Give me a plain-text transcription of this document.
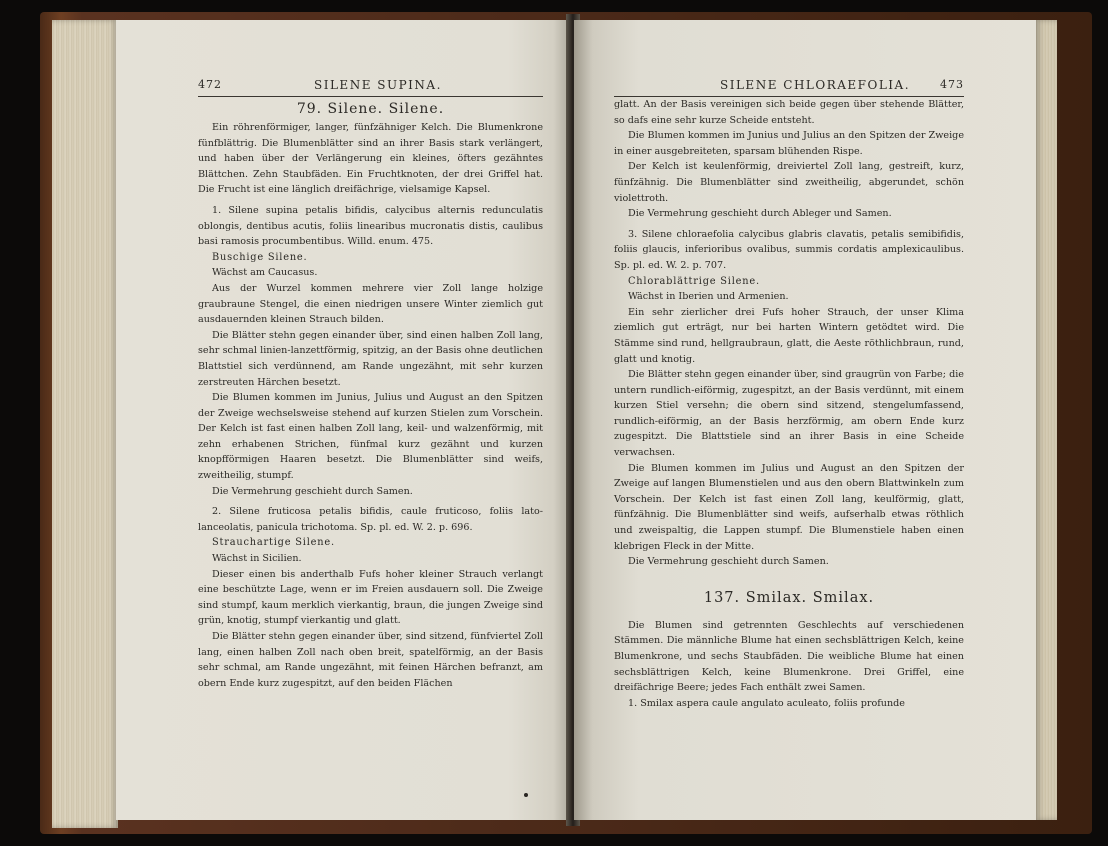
472	SILENE SUPINA.
79. Silene. Silene.

Ein röhrenförmiger, langer, fünfzähniger Kelch. Die Blumenkrone fünfblättrig. Die Blumenblätter sind an ihrer Basis stark verlängert, und haben über der Verlängerung ein kleines, öfters gezähntes Blättchen. Zehn Staubfäden. Ein Fruchtknoten, der drei Griffel hat. Die Frucht ist eine länglich dreifächrige, vielsamige Kapsel.

1. Silene supina petalis bifidis, calycibus alternis redunculatis oblongis, dentibus acutis, foliis linearibus mucronatis distis, caulibus basi ramosis procumbentibus. Willd. enum. 475.

Buschige Silene.

Wächst am Caucasus.

Aus der Wurzel kommen mehrere vier Zoll lange holzige graubraune Stengel, die einen niedrigen unsere Winter ziemlich gut ausdauernden kleinen Strauch bilden.

Die Blätter stehn gegen einander über, sind einen halben Zoll lang, sehr schmal linien-lanzettförmig, spitzig, an der Basis ohne deutlichen Blattstiel sich verdünnend, am Rande ungezähnt, mit sehr kurzen zerstreuten Härchen besetzt.

Die Blumen kommen im Junius, Julius und August an den Spitzen der Zweige wechselsweise stehend auf kurzen Stielen zum Vorschein. Der Kelch ist fast einen halben Zoll lang, keil- und walzenförmig, mit zehn erhabenen Strichen, fünfmal kurz gezähnt und kurzen knopfförmigen Haaren besetzt. Die Blumenblätter sind weifs, zweitheilig, stumpf.

Die Vermehrung geschieht durch Samen.

2. Silene fruticosa petalis bifidis, caule fruticoso, foliis lato-lanceolatis, panicula trichotoma. Sp. pl. ed. W. 2. p. 696.

Strauchartige Silene.

Wächst in Sicilien.

Dieser einen bis anderthalb Fufs hoher kleiner Strauch verlangt eine beschützte Lage, wenn er im Freien ausdauern soll. Die Zweige sind stumpf, kaum merklich vierkantig, braun, die jungen Zweige sind grün, knotig, stumpf vierkantig und glatt.

Die Blätter stehn gegen einander über, sind sitzend, fünfviertel Zoll lang, einen halben Zoll nach oben breit, spatelförmig, an der Basis sehr schmal, am Rande ungezähnt, mit feinen Härchen befranzt, am obern Ende kurz zugespitzt, auf den beiden Flächen

SILENE CHLORAEFOLIA.	473

glatt. An der Basis vereinigen sich beide gegen über stehende Blätter, so dafs eine sehr kurze Scheide entsteht.

Die Blumen kommen im Junius und Julius an den Spitzen der Zweige in einer ausgebreiteten, sparsam blühenden Rispe.

Der Kelch ist keulenförmig, dreiviertel Zoll lang, gestreift, kurz, fünfzähnig. Die Blumenblätter sind zweitheilig, abgerundet, schön violettroth.

Die Vermehrung geschieht durch Ableger und Samen.

3. Silene chloraefolia calycibus glabris clavatis, petalis semibifidis, foliis glaucis, inferioribus ovalibus, summis cordatis amplexicaulibus. Sp. pl. ed. W. 2. p. 707.

Chlorablättrige Silene.

Wächst in Iberien und Armenien.

Ein sehr zierlicher drei Fufs hoher Strauch, der unser Klima ziemlich gut erträgt, nur bei harten Wintern getödtet wird. Die Stämme sind rund, hellgraubraun, glatt, die Aeste röthlichbraun, rund, glatt und knotig.

Die Blätter stehn gegen einander über, sind graugrün von Farbe; die untern rundlich-eiförmig, zugespitzt, an der Basis verdünnt, mit einem kurzen Stiel versehn; die obern sind sitzend, stengelumfassend, rundlich-eiförmig, an der Basis herzförmig, am obern Ende kurz zugespitzt. Die Blattstiele sind an ihrer Basis in eine Scheide verwachsen.

Die Blumen kommen im Julius und August an den Spitzen der Zweige auf langen Blumenstielen und aus den obern Blattwinkeln zum Vorschein. Der Kelch ist fast einen Zoll lang, keulförmig, glatt, fünfzähnig. Die Blumenblätter sind weifs, aufserhalb etwas röthlich und zweispaltig, die Lappen stumpf. Die Blumenstiele haben einen klebrigen Fleck in der Mitte.

Die Vermehrung geschieht durch Samen.

137. Smilax. Smilax.

Die Blumen sind getrennten Geschlechts auf verschiedenen Stämmen. Die männliche Blume hat einen sechsblättrigen Kelch, keine Blumenkrone, und sechs Staubfäden. Die weibliche Blume hat einen sechsblättrigen Kelch, keine Blumenkrone. Drei Griffel, eine dreifächrige Beere; jedes Fach enthält zwei Samen.

1. Smilax aspera caule angulato aculeato, foliis profunde
